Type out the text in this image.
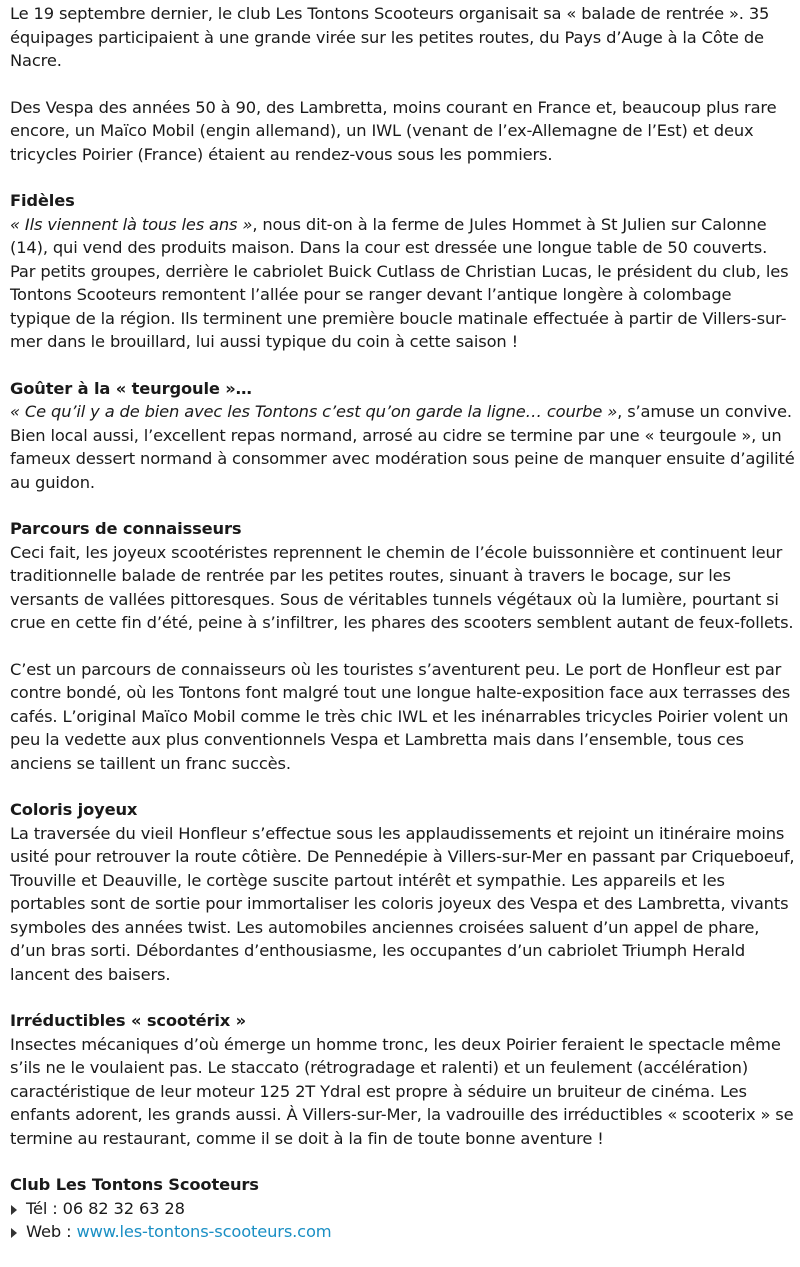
Le 19 septembre dernier, le club Les Tontons Scooteurs organisait sa « balade de rentrée ». 35 équipages participaient à une grande virée sur les petites routes, du Pays d’Auge à la Côte de Nacre.

Des Vespa des années 50 à 90, des Lambretta, moins courant en France et, beaucoup plus rare encore, un Maïco Mobil (engin allemand), un IWL (venant de l’ex-Allemagne de l’Est) et deux tricycles Poirier (France) étaient au rendez-vous sous les pommiers.

Fidèles
« Ils viennent là tous les ans », nous dit-on à la ferme de Jules Hommet à St Julien sur Calonne (14), qui vend des produits maison. Dans la cour est dressée une longue table de 50 couverts. Par petits groupes, derrière le cabriolet Buick Cutlass de Christian Lucas, le président du club, les Tontons Scooteurs remontent l’allée pour se ranger devant l’antique longère à colombage typique de la région. Ils terminent une première boucle matinale effectuée à partir de Villers-sur-mer dans le brouillard, lui aussi typique du coin à cette saison !
Goûter à la « teurgoule »…
« Ce qu’il y a de bien avec les Tontons c’est qu’on garde la ligne… courbe », s’amuse un convive. Bien local aussi, l’excellent repas normand, arrosé au cidre se termine par une « teurgoule », un fameux dessert normand à consommer avec modération sous peine de manquer ensuite d’agilité au guidon.
Parcours de connaisseurs
Ceci fait, les joyeux scootéristes reprennent le chemin de l’école buissonnière et continuent leur traditionnelle balade de rentrée par les petites routes, sinuant à travers le bocage, sur les versants de vallées pittoresques. Sous de véritables tunnels végétaux où la lumière, pourtant si crue en cette fin d’été, peine à s’infiltrer, les phares des scooters semblent autant de feux-follets.

C’est un parcours de connaisseurs où les touristes s’aventurent peu. Le port de Honfleur est par contre bondé, où les Tontons font malgré tout une longue halte-exposition face aux terrasses des cafés. L’original Maïco Mobil comme le très chic IWL et les inénarrables tricycles Poirier volent un peu la vedette aux plus conventionnels Vespa et Lambretta mais dans l’ensemble, tous ces anciens se taillent un franc succès.

Coloris joyeux
La traversée du vieil Honfleur s’effectue sous les applaudissements et rejoint un itinéraire moins usité pour retrouver la route côtière. De Pennedépie à Villers-sur-Mer en passant par Criqueboeuf, Trouville et Deauville, le cortège suscite partout intérêt et sympathie. Les appareils et les portables sont de sortie pour immortaliser les coloris joyeux des Vespa et des Lambretta, vivants symboles des années twist. Les automobiles anciennes croisées saluent d’un appel de phare, d’un bras sorti. Débordantes d’enthousiasme, les occupantes d’un cabriolet Triumph Herald lancent des baisers.
Irréductibles « scootérix »
Insectes mécaniques d’où émerge un homme tronc, les deux Poirier feraient le spectacle même s’ils ne le voulaient pas. Le staccato (rétrogradage et ralenti) et un feulement (accélération) caractéristique de leur moteur 125 2T Ydral est propre à séduire un bruiteur de cinéma. Les enfants adorent, les grands aussi. À Villers-sur-Mer, la vadrouille des irréductibles « scooterix » se termine au restaurant, comme il se doit à la fin de toute bonne aventure !
Club Les Tontons Scooteurs
Tél : 06 82 32 63 28
Web : www.les-tontons-scooteurs.com
